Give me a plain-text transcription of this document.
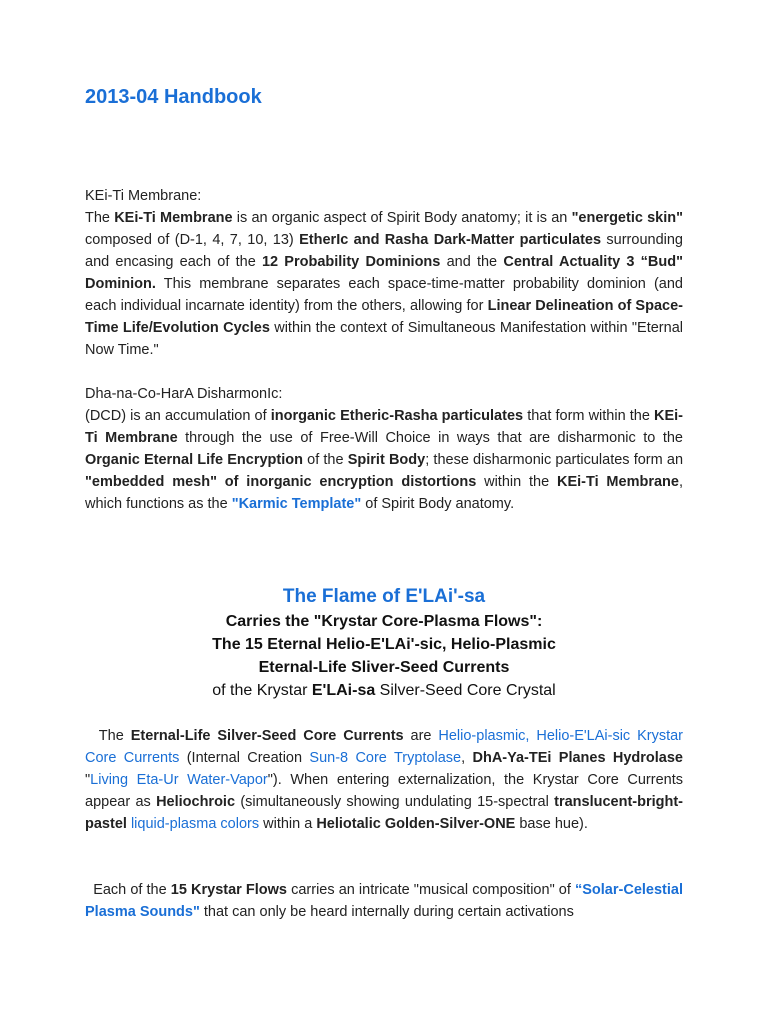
2013-04 Handbook

KEi-Ti Membrane:

The KEi-Ti Membrane is an organic aspect of Spirit Body anatomy; it is an "energetic skin" composed of (D-1, 4, 7, 10, 13) EtherIc and Rasha Dark-Matter particulates surrounding and encasing each of the 12 Probability Dominions and the Central Actuality 3 “Bud" Dominion. This membrane separates each space-time-matter probability dominion (and each individual incarnate identity) from the others, allowing for Linear Delineation of Space-Time Life/Evolution Cycles within the context of Simultaneous Manifestation within "Eternal Now Time."

Dha-na-Co-HarA DisharmonIc:

(DCD) is an accumulation of inorganic Etheric-Rasha particulates that form within the KEi-Ti Membrane through the use of Free-Will Choice in ways that are disharmonic to the Organic Eternal Life Encryption of the Spirit Body; these disharmonic particulates form an "embedded mesh" of inorganic encryption distortions within the KEi-Ti Membrane, which functions as the "Karmic Template" of Spirit Body anatomy.

The Flame of E'LAi'-sa
Carries the "Krystar Core-Plasma Flows":
The 15 Eternal Helio-E'LAi'-sic, Helio-Plasmic
Eternal-Life Sliver-Seed Currents
of the Krystar E'LAi-sa Silver-Seed Core Crystal

The Eternal-Life Silver-Seed Core Currents are Helio-plasmic, Helio-E'LAi-sic Krystar Core Currents (Internal Creation Sun-8 Core Tryptolase, DhA-Ya-TEi Planes Hydrolase "Living Eta-Ur Water-Vapor"). When entering externalization, the Krystar Core Currents appear as Heliochroic (simultaneously showing undulating 15-spectral translucent-bright-pastel liquid-plasma colors within a Heliotalic Golden-Silver-ONE base hue).

Each of the 15 Krystar Flows carries an intricate "musical composition" of “Solar-Celestial Plasma Sounds" that can only be heard internally during certain activations
